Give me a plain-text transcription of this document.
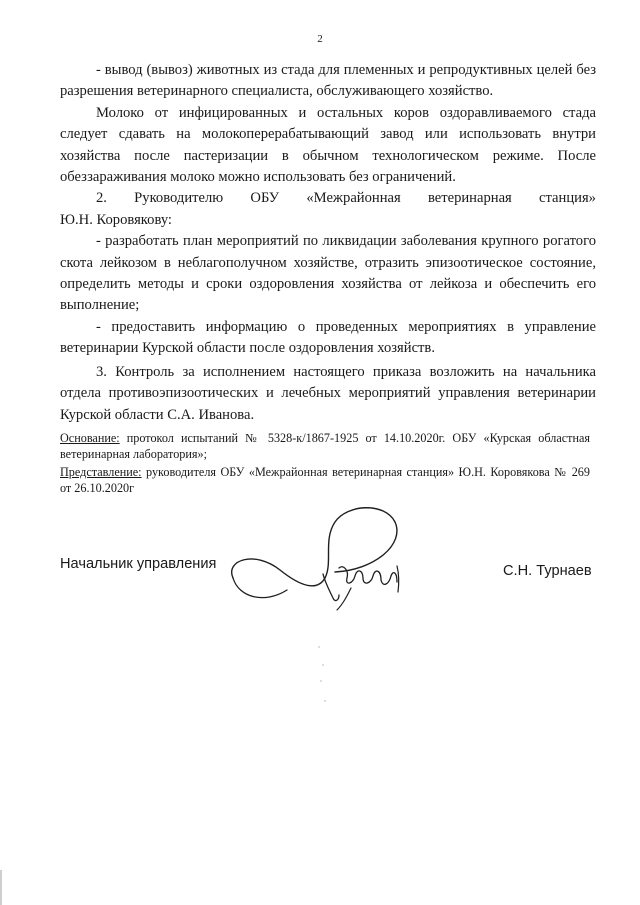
2

- вывод (вывоз) животных из стада для племенных и репродуктивных целей без разрешения ветеринарного специалиста, обслуживающего хозяйство.

Молоко от инфицированных и остальных коров оздоравливаемого стада следует сдавать на молокоперерабатывающий завод или использовать внутри хозяйства после пастеризации в обычном технологическом режиме. После обеззараживания молоко можно использовать без ограничений.

2. Руководителю ОБУ «Межрайонная ветеринарная станция»
Ю.Н. Коровякову:

- разработать план мероприятий по ликвидации заболевания крупного рогатого скота лейкозом в неблагополучном хозяйстве, отразить эпизоотическое состояние, определить методы и сроки оздоровления хозяйства от лейкоза и обеспечить его выполнение;

- предоставить информацию о проведенных мероприятиях в управление ветеринарии Курской области после оздоровления хозяйств.

3. Контроль за исполнением настоящего приказа возложить на начальника отдела противоэпизоотических и лечебных мероприятий управления ветеринарии Курской области С.А. Иванова.

Основание: протокол испытаний № 5328-к/1867-1925 от 14.10.2020г. ОБУ «Курская областная ветеринарная лаборатория»;

Представление: руководителя ОБУ «Межрайонная ветеринарная станция» Ю.Н. Коровякова № 269 от 26.10.2020г

Начальник управления	С.Н. Турнаев
